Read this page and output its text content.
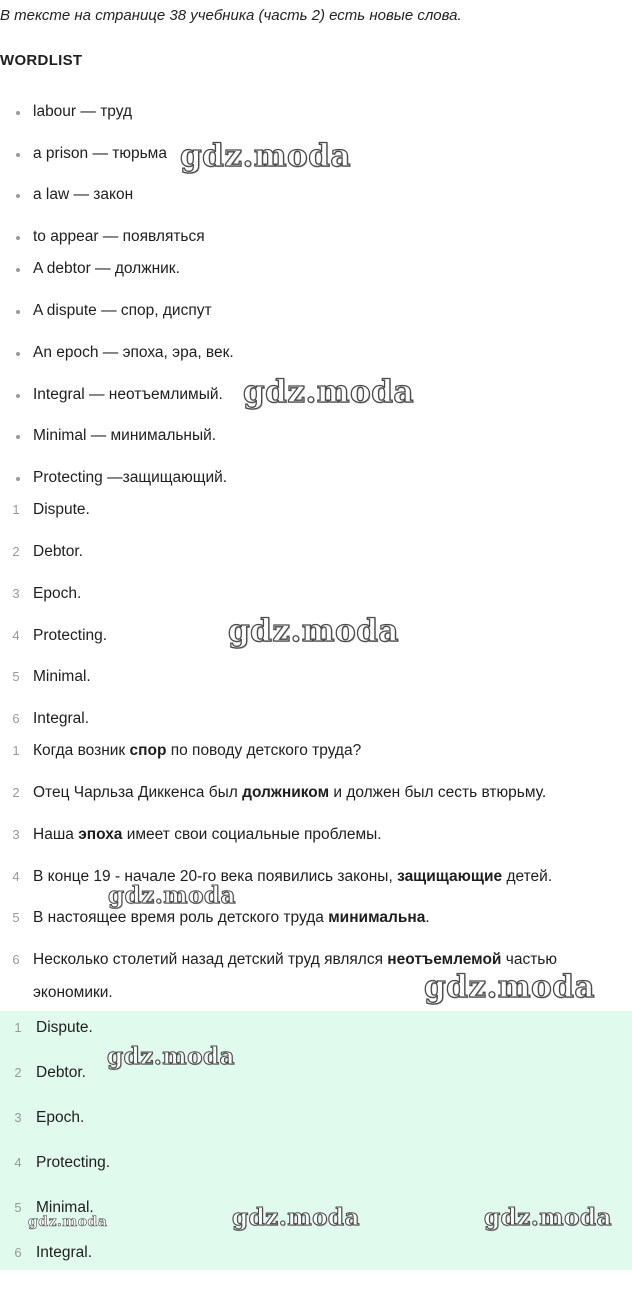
В тексте на странице 38 учебника (часть 2) есть новые слова.
WORDLIST
labour — труд
a prison — тюрьма
a law — закон
to appear — появляться
A debtor — должник.
A dispute — спор, диспут
An epoch — эпоха, эра, век.
Integral — неотъемлимый.
Minimal — минимальный.
Protecting —защищающий.
1 Dispute.
2 Debtor.
3 Epoch.
4 Protecting.
5 Minimal.
6 Integral.
1 Когда возник спор по поводу детского труда?
2 Отец Чарльза Диккенса был должником и должен был сесть втюрьму.
3 Наша эпоха имеет свои социальные проблемы.
4 В конце 19 - начале 20-го века появились законы, защищающие детей.
5 В настоящее время роль детского труда минимальна.
6 Несколько столетий назад детский труд являлся неотъемлемой частью экономики.
1 Dispute.
2 Debtor.
3 Epoch.
4 Protecting.
5 Minimal.
6 Integral.
gdz.moda
gdz.moda
gdz.moda
gdz.moda
gdz.moda
gdz.moda
gdz.moda	gdz.moda
gdz.moda
